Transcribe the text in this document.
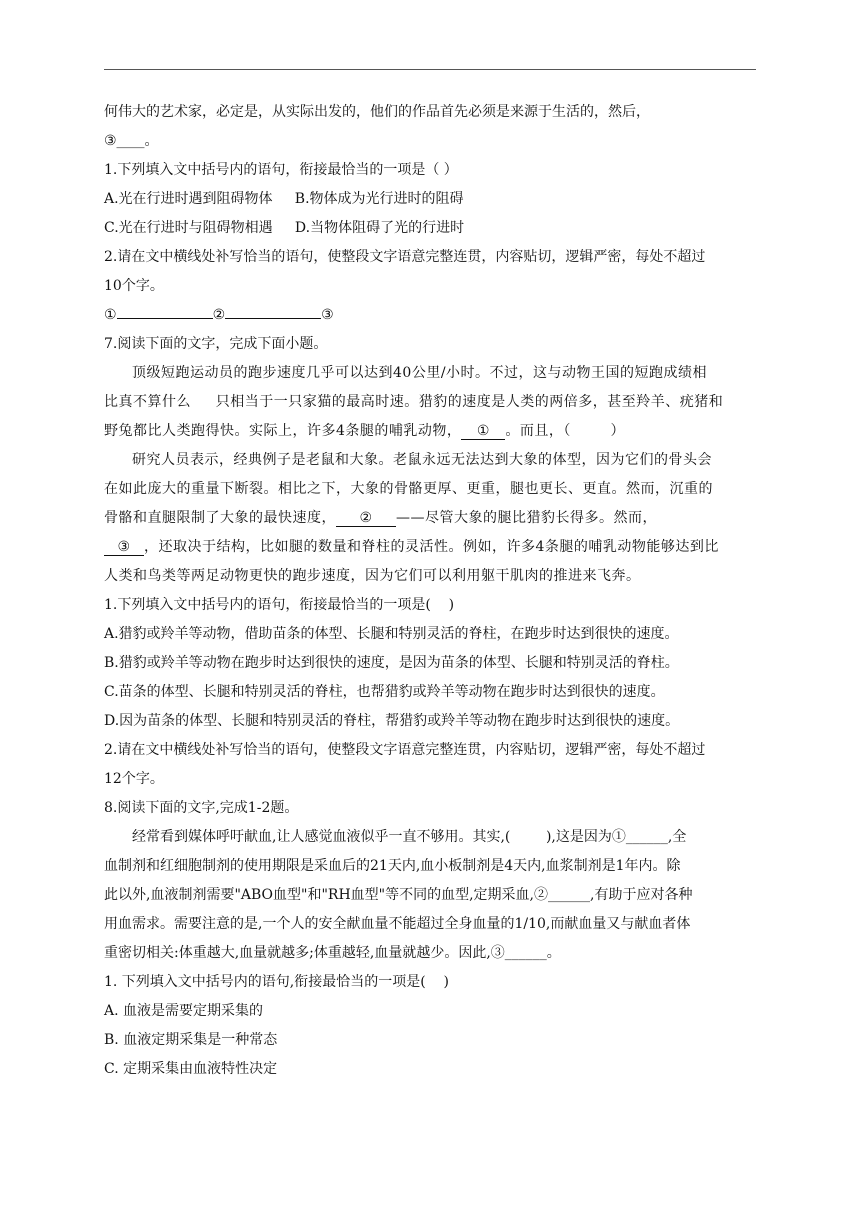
何伟大的艺术家，必定是，从实际出发的，他们的作品首先必须是来源于生活的，然后，
③____。
1.下列填入文中括号内的语句，衔接最恰当的一项是（ ）
A.光在行进时遇到阻碍物体     B.物体成为光行进时的阻碍
C.光在行进时与阻碍物相遇     D.当物体阻碍了光的行进时
2.请在文中横线处补写恰当的语句，使整段文字语意完整连贯，内容贴切，逻辑严密，每处不超过
10个字。
①	②	③
7.阅读下面的文字，完成下面小题。
顶级短跑运动员的跑步速度几乎可以达到40公里/小时。不过，这与动物王国的短跑成绩相
比真不算什么     只相当于一只家猫的最高时速。猎豹的速度是人类的两倍多，甚至羚羊、疣猪和
野兔都比人类跑得快。实际上，许多4条腿的哺乳动物， ① 。而且，（        ）
研究人员表示，经典例子是老鼠和大象。老鼠永远无法达到大象的体型，因为它们的骨头会
在如此庞大的重量下断裂。相比之下，大象的骨骼更厚、更重，腿也更长、更直。然而，沉重的
骨骼和直腿限制了大象的最快速度， ② ——尽管大象的腿比猎豹长得多。然而，
③ ，还取决于结构，比如腿的数量和脊柱的灵活性。例如，许多4条腿的哺乳动物能够达到比
人类和鸟类等两足动物更快的跑步速度，因为它们可以利用躯干肌肉的推进来飞奔。
1.下列填入文中括号内的语句，衔接最恰当的一项是(    )
A.猎豹或羚羊等动物，借助苗条的体型、长腿和特别灵活的脊柱，在跑步时达到很快的速度。
B.猎豹或羚羊等动物在跑步时达到很快的速度，是因为苗条的体型、长腿和特别灵活的脊柱。
C.苗条的体型、长腿和特别灵活的脊柱，也帮猎豹或羚羊等动物在跑步时达到很快的速度。
D.因为苗条的体型、长腿和特别灵活的脊柱，帮猎豹或羚羊等动物在跑步时达到很快的速度。
2.请在文中横线处补写恰当的语句，使整段文字语意完整连贯，内容贴切，逻辑严密，每处不超过
12个字。
8.阅读下面的文字,完成1-2题。
经常看到媒体呼吁献血,让人感觉血液似乎一直不够用。其实,(        ),这是因为①______,全
血制剂和红细胞制剂的使用期限是采血后的21天内,血小板制剂是4天内,血浆制剂是1年内。除
此以外,血液制剂需要"ABO血型"和"RH血型"等不同的血型,定期采血,②______,有助于应对各种
用血需求。需要注意的是,一个人的安全献血量不能超过全身血量的1/10,而献血量又与献血者体
重密切相关:体重越大,血量就越多;体重越轻,血量就越少。因此,③______。
1. 下列填入文中括号内的语句,衔接最恰当的一项是(    )
A. 血液是需要定期采集的
B. 血液定期采集是一种常态
C. 定期采集由血液特性决定
